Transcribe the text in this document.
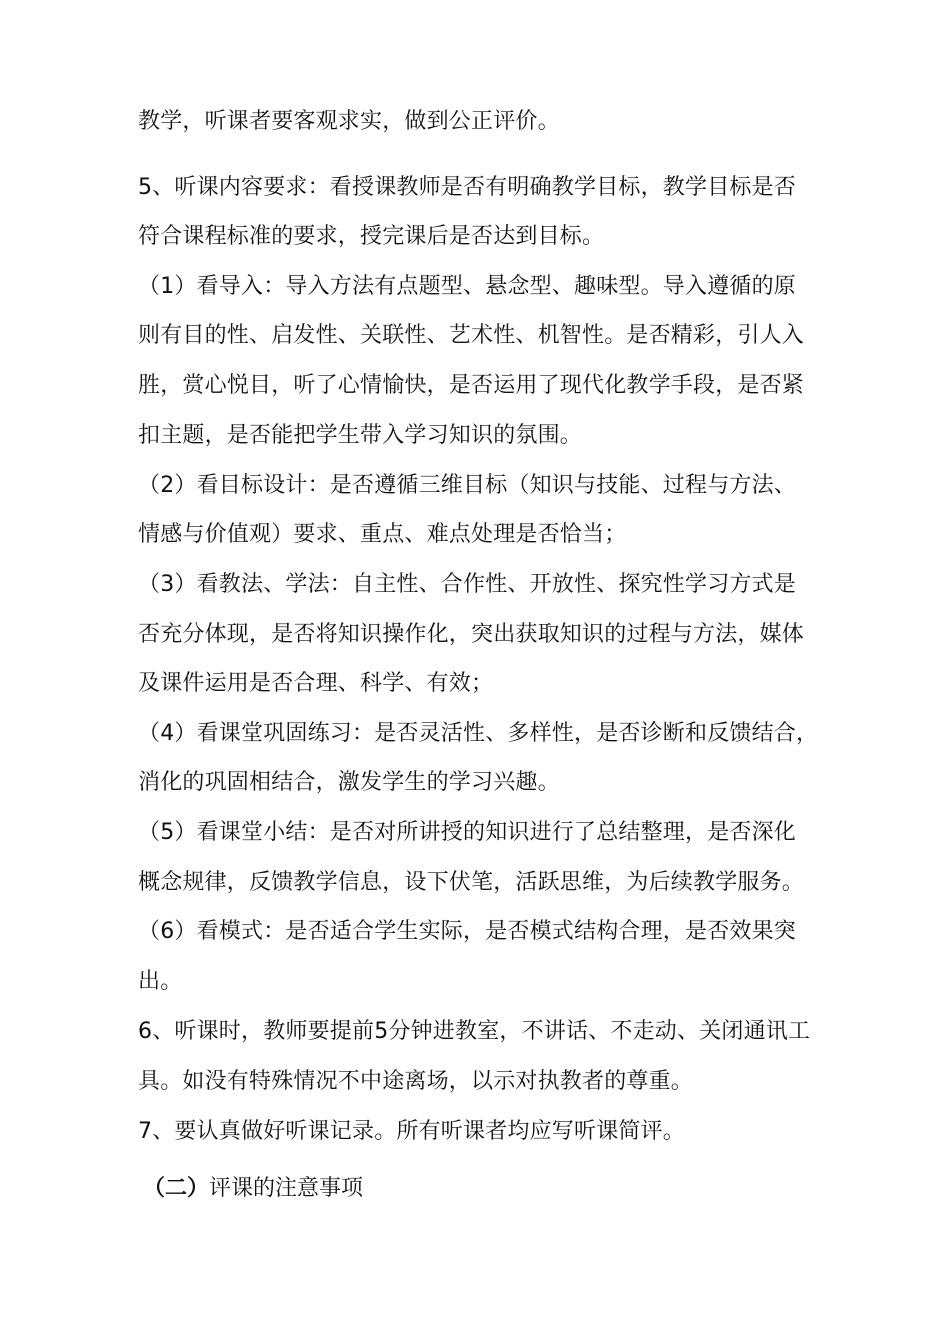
教学，听课者要客观求实，做到公正评价。
5、听课内容要求：看授课教师是否有明确教学目标，教学目标是否
符合课程标准的要求，授完课后是否达到目标。
（1）看导入：导入方法有点题型、悬念型、趣味型。导入遵循的原
则有目的性、启发性、关联性、艺术性、机智性。是否精彩，引人入
胜，赏心悦目，听了心情愉快，是否运用了现代化教学手段，是否紧
扣主题，是否能把学生带入学习知识的氛围。
（2）看目标设计：是否遵循三维目标（知识与技能、过程与方法、
情感与价值观）要求、重点、难点处理是否恰当；
（3）看教法、学法：自主性、合作性、开放性、探究性学习方式是
否充分体现，是否将知识操作化，突出获取知识的过程与方法，媒体
及课件运用是否合理、科学、有效；
（4）看课堂巩固练习：是否灵活性、多样性，是否诊断和反馈结合，
消化的巩固相结合，激发学生的学习兴趣。
（5）看课堂小结：是否对所讲授的知识进行了总结整理，是否深化
概念规律，反馈教学信息，设下伏笔，活跃思维，为后续教学服务。
（6）看模式：是否适合学生实际，是否模式结构合理，是否效果突
出。
6、听课时，教师要提前5分钟进教室，不讲话、不走动、关闭通讯工
具。如没有特殊情况不中途离场，以示对执教者的尊重。
7、要认真做好听课记录。所有听课者均应写听课简评。
（二）评课的注意事项
